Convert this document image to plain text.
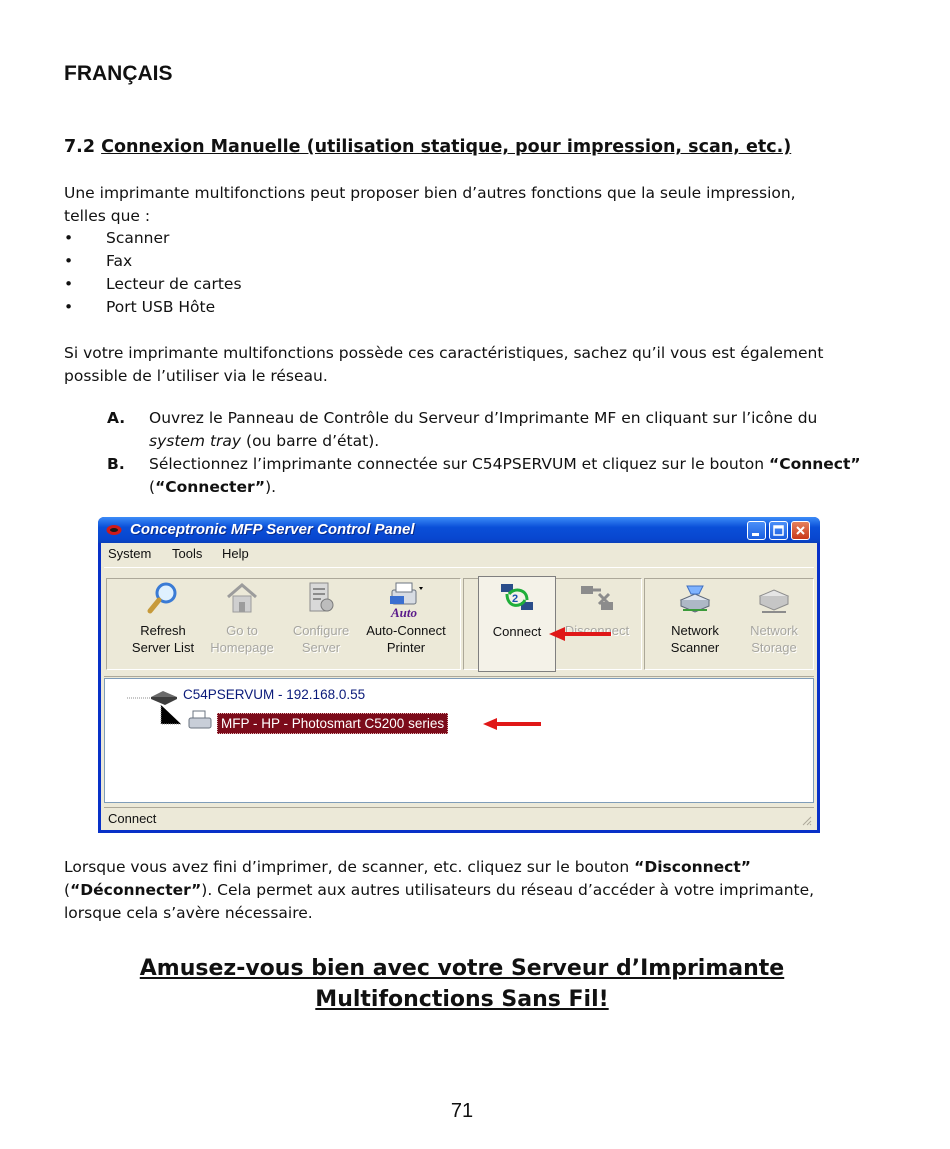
FRANÇAIS
7.2 Connexion Manuelle (utilisation statique, pour impression, scan, etc.)
Une imprimante multifonctions peut proposer bien d’autres fonctions que la seule impression, telles que :
• Scanner
• Fax
• Lecteur de cartes
• Port USB Hôte
Si votre imprimante multifonctions possède ces caractéristiques, sachez qu’il vous est également possible de l’utiliser via le réseau.
A. Ouvrez le Panneau de Contrôle du Serveur d’Imprimante MF en cliquant sur l’icône du system tray (ou barre d’état).
B. Sélectionnez l’imprimante connectée sur C54PSERVUM et cliquez sur le bouton “Connect” (“Connecter”).
Conceptronic MFP Server Control Panel
System Tools Help
Refresh
Server List
Go to
Homepage
Configure
Server
Auto
Auto-Connect
Printer
2
Connect	Disconnect	Network
Scanner
Network
Storage
C54PSERVUM - 192.168.0.55
MFP - HP - Photosmart C5200 series
Connect
Lorsque vous avez fini d’imprimer, de scanner, etc. cliquez sur le bouton “Disconnect” (“Déconnecter”). Cela permet aux autres utilisateurs du réseau d’accéder à votre imprimante, lorsque cela s’avère nécessaire.
Amusez-vous bien avec votre Serveur d’Imprimante
Multifonctions Sans Fil!
71
